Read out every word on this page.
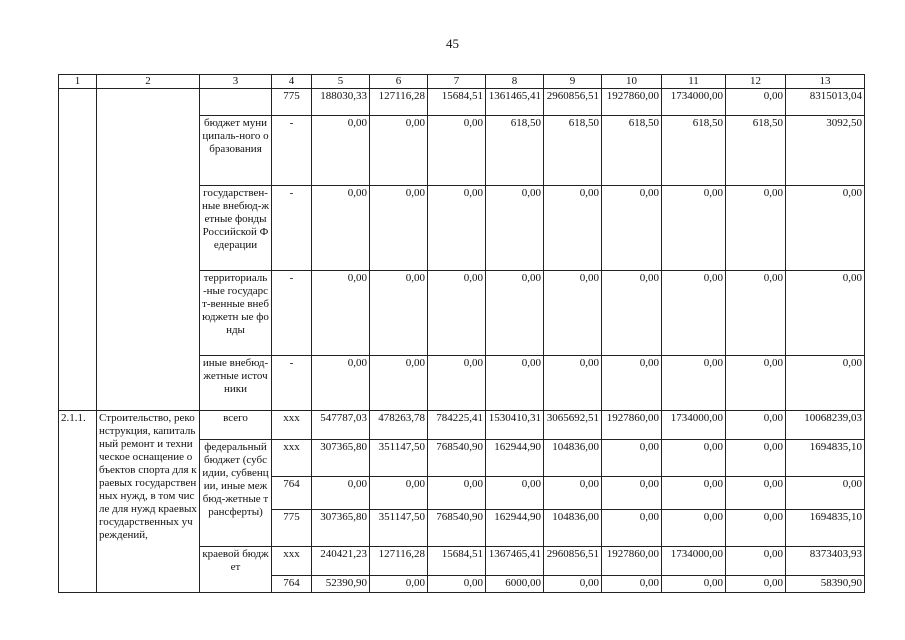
45
1	2	3	4	5	6	7	8	9	10	11	12	13
			775	188030,33	127116,28	15684,51	1361465,41	2960856,51	1927860,00	1734000,00	0,00	8315013,04
		бюджет муниципаль-ного образования	-	0,00	0,00	0,00	618,50	618,50	618,50	618,50	618,50	3092,50
		государствен-ные внебюд-жетные фонды Российской Федерации	-	0,00	0,00	0,00	0,00	0,00	0,00	0,00	0,00	0,00
		территориаль-ные государст-венные внебюджетн ые фонды	-	0,00	0,00	0,00	0,00	0,00	0,00	0,00	0,00	0,00
		иные внебюд-жетные источники	-	0,00	0,00	0,00	0,00	0,00	0,00	0,00	0,00	0,00
2.1.1.	Строительство, реконструкция, капитальный ремонт и техническое оснащение объектов спорта для краевых государственных нужд, в том числе для нужд краевых государственных учреждений,	всего	ххх	547787,03	478263,78	784225,41	1530410,31	3065692,51	1927860,00	1734000,00	0,00	10068239,03
		федеральный бюджет (субсидии, субвенции, иные межбюд-жетные трансферты)	ххх	307365,80	351147,50	768540,90	162944,90	104836,00	0,00	0,00	0,00	1694835,10
			764	0,00	0,00	0,00	0,00	0,00	0,00	0,00	0,00	0,00
			775	307365,80	351147,50	768540,90	162944,90	104836,00	0,00	0,00	0,00	1694835,10
		краевой бюджет	ххх	240421,23	127116,28	15684,51	1367465,41	2960856,51	1927860,00	1734000,00	0,00	8373403,93
			764	52390,90	0,00	0,00	6000,00	0,00	0,00	0,00	0,00	58390,90
